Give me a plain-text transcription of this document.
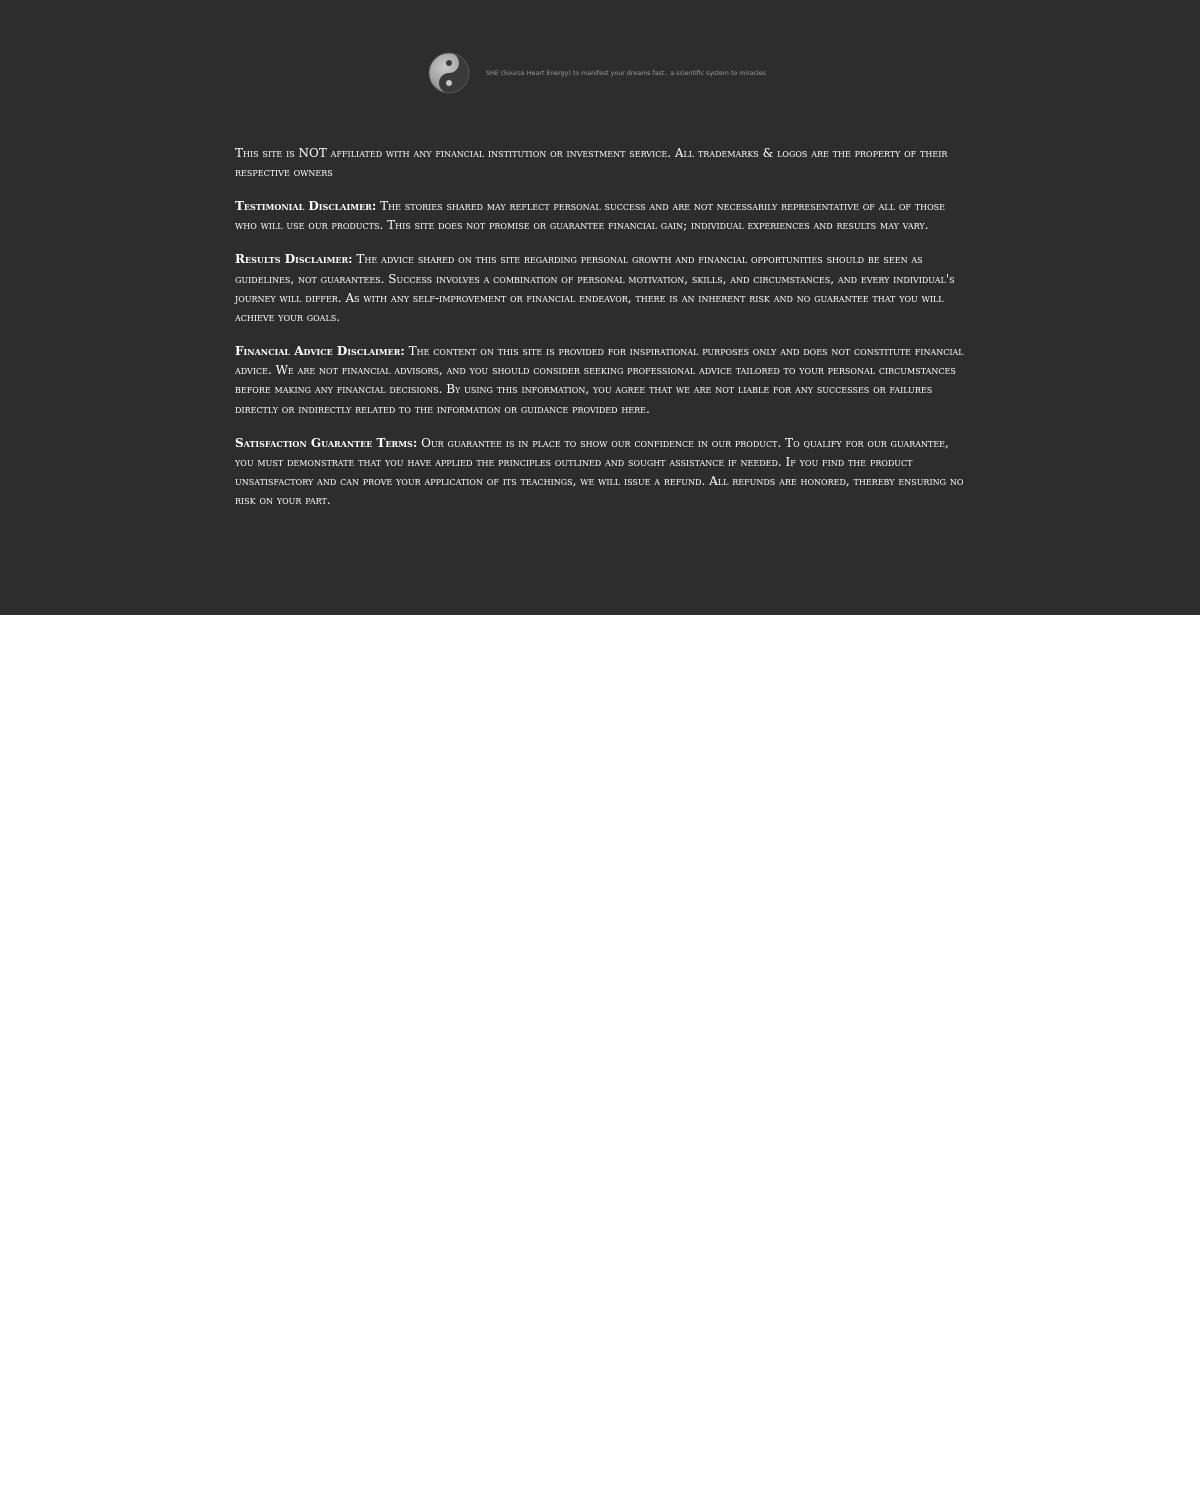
SHE (Source Heart Energy) to manifest your dreams fast.. a scientific system to miracles

This site is NOT affiliated with any financial institution or investment service. All trademarks & logos are the property of their respective owners

Testimonial Disclaimer: The stories shared may reflect personal success and are not necessarily representative of all of those who will use our products. This site does not promise or guarantee financial gain; individual experiences and results may vary.

Results Disclaimer: The advice shared on this site regarding personal growth and financial opportunities should be seen as guidelines, not guarantees. Success involves a combination of personal motivation, skills, and circumstances, and every individual's journey will differ. As with any self-improvement or financial endeavor, there is an inherent risk and no guarantee that you will achieve your goals.

Financial Advice Disclaimer: The content on this site is provided for inspirational purposes only and does not constitute financial advice. We are not financial advisors, and you should consider seeking professional advice tailored to your personal circumstances before making any financial decisions. By using this information, you agree that we are not liable for any successes or failures directly or indirectly related to the information or guidance provided here.

Satisfaction Guarantee Terms: Our guarantee is in place to show our confidence in our product. To qualify for our guarantee, you must demonstrate that you have applied the principles outlined and sought assistance if needed. If you find the product unsatisfactory and can prove your application of its teachings, we will issue a refund. All refunds are honored, thereby ensuring no risk on your part.
